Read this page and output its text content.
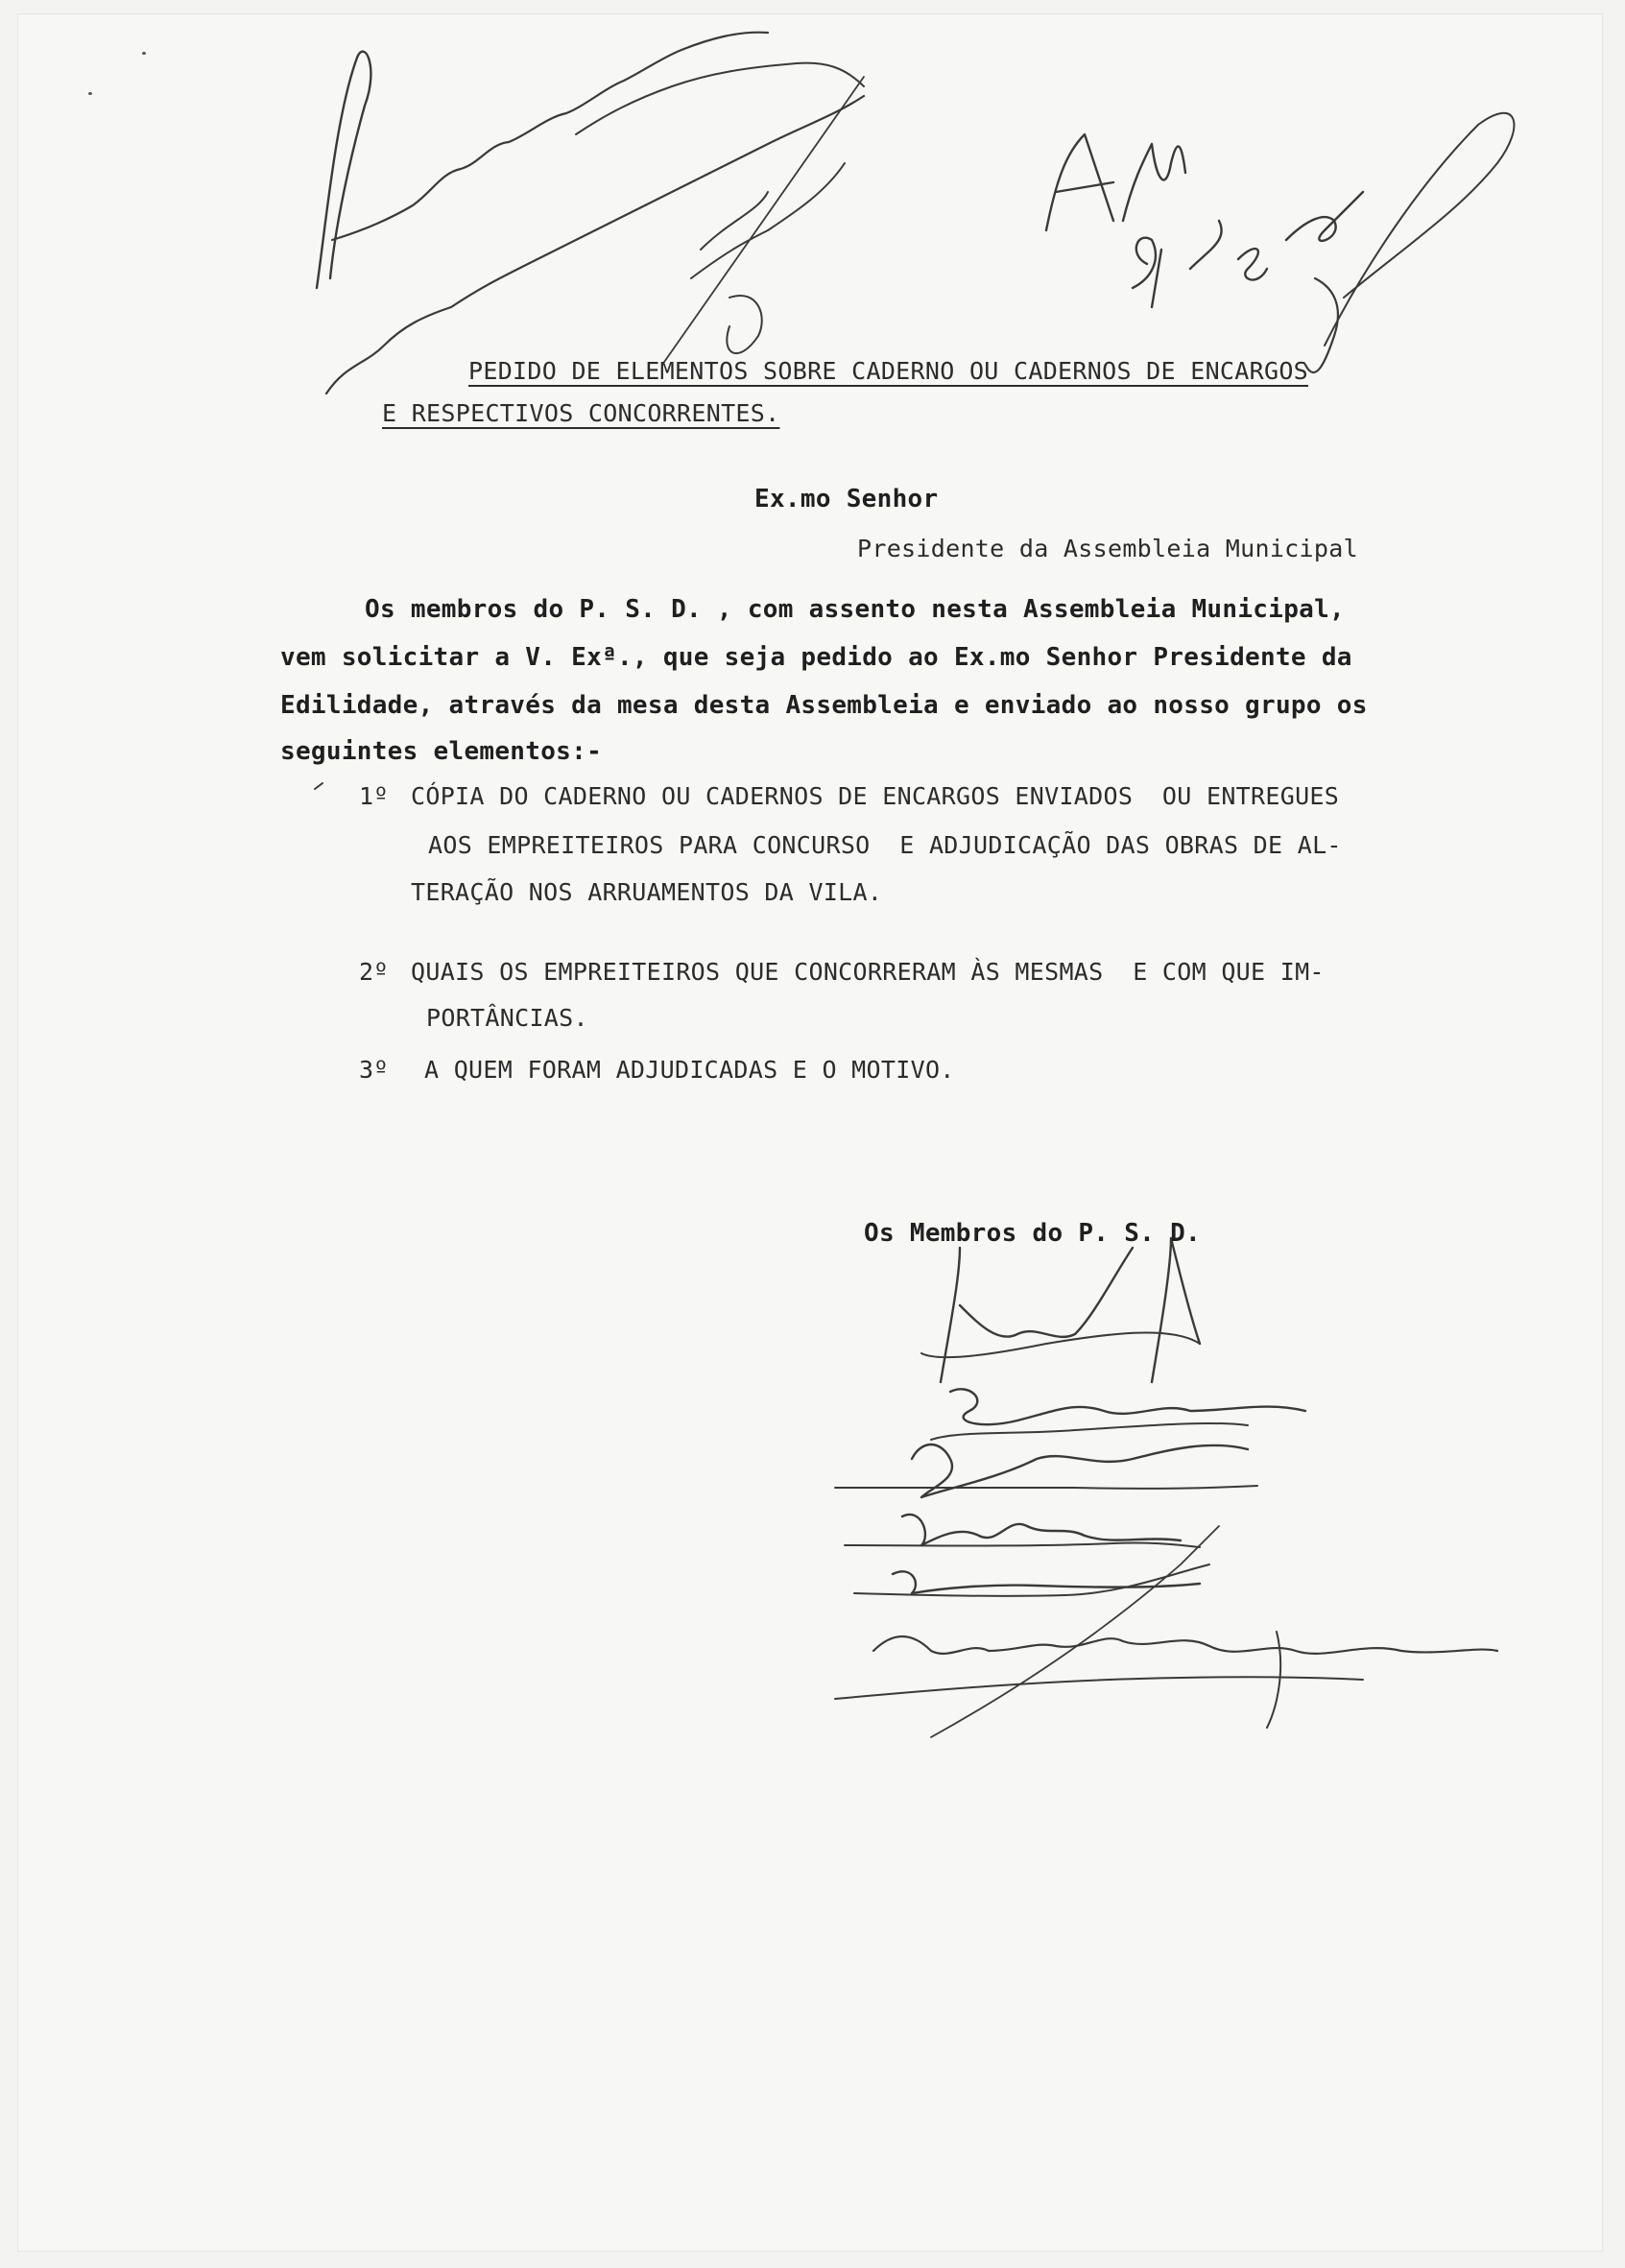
PEDIDO DE ELEMENTOS SOBRE CADERNO OU CADERNOS DE ENCARGOS
E RESPECTIVOS CONCORRENTES.
Ex.mo Senhor
Presidente da Assembleia Municipal
Os membros do P. S. D. , com assento nesta Assembleia Municipal,
vem solicitar a V. Exª., que seja pedido ao Ex.mo Senhor Presidente da
Edilidade, através da mesa desta Assembleia e enviado ao nosso grupo os
seguintes elementos:-
1º CÓPIA DO CADERNO OU CADERNOS DE ENCARGOS ENVIADOS  OU ENTREGUES
AOS EMPREITEIROS PARA CONCURSO  E ADJUDICAÇÃO DAS OBRAS DE AL-
TERAÇÃO NOS ARRUAMENTOS DA VILA.
2º QUAIS OS EMPREITEIROS QUE CONCORRERAM ÀS MESMAS  E COM QUE IM-
PORTÂNCIAS.
3º A QUEM FORAM ADJUDICADAS E O MOTIVO.
Os Membros do P. S. D.
